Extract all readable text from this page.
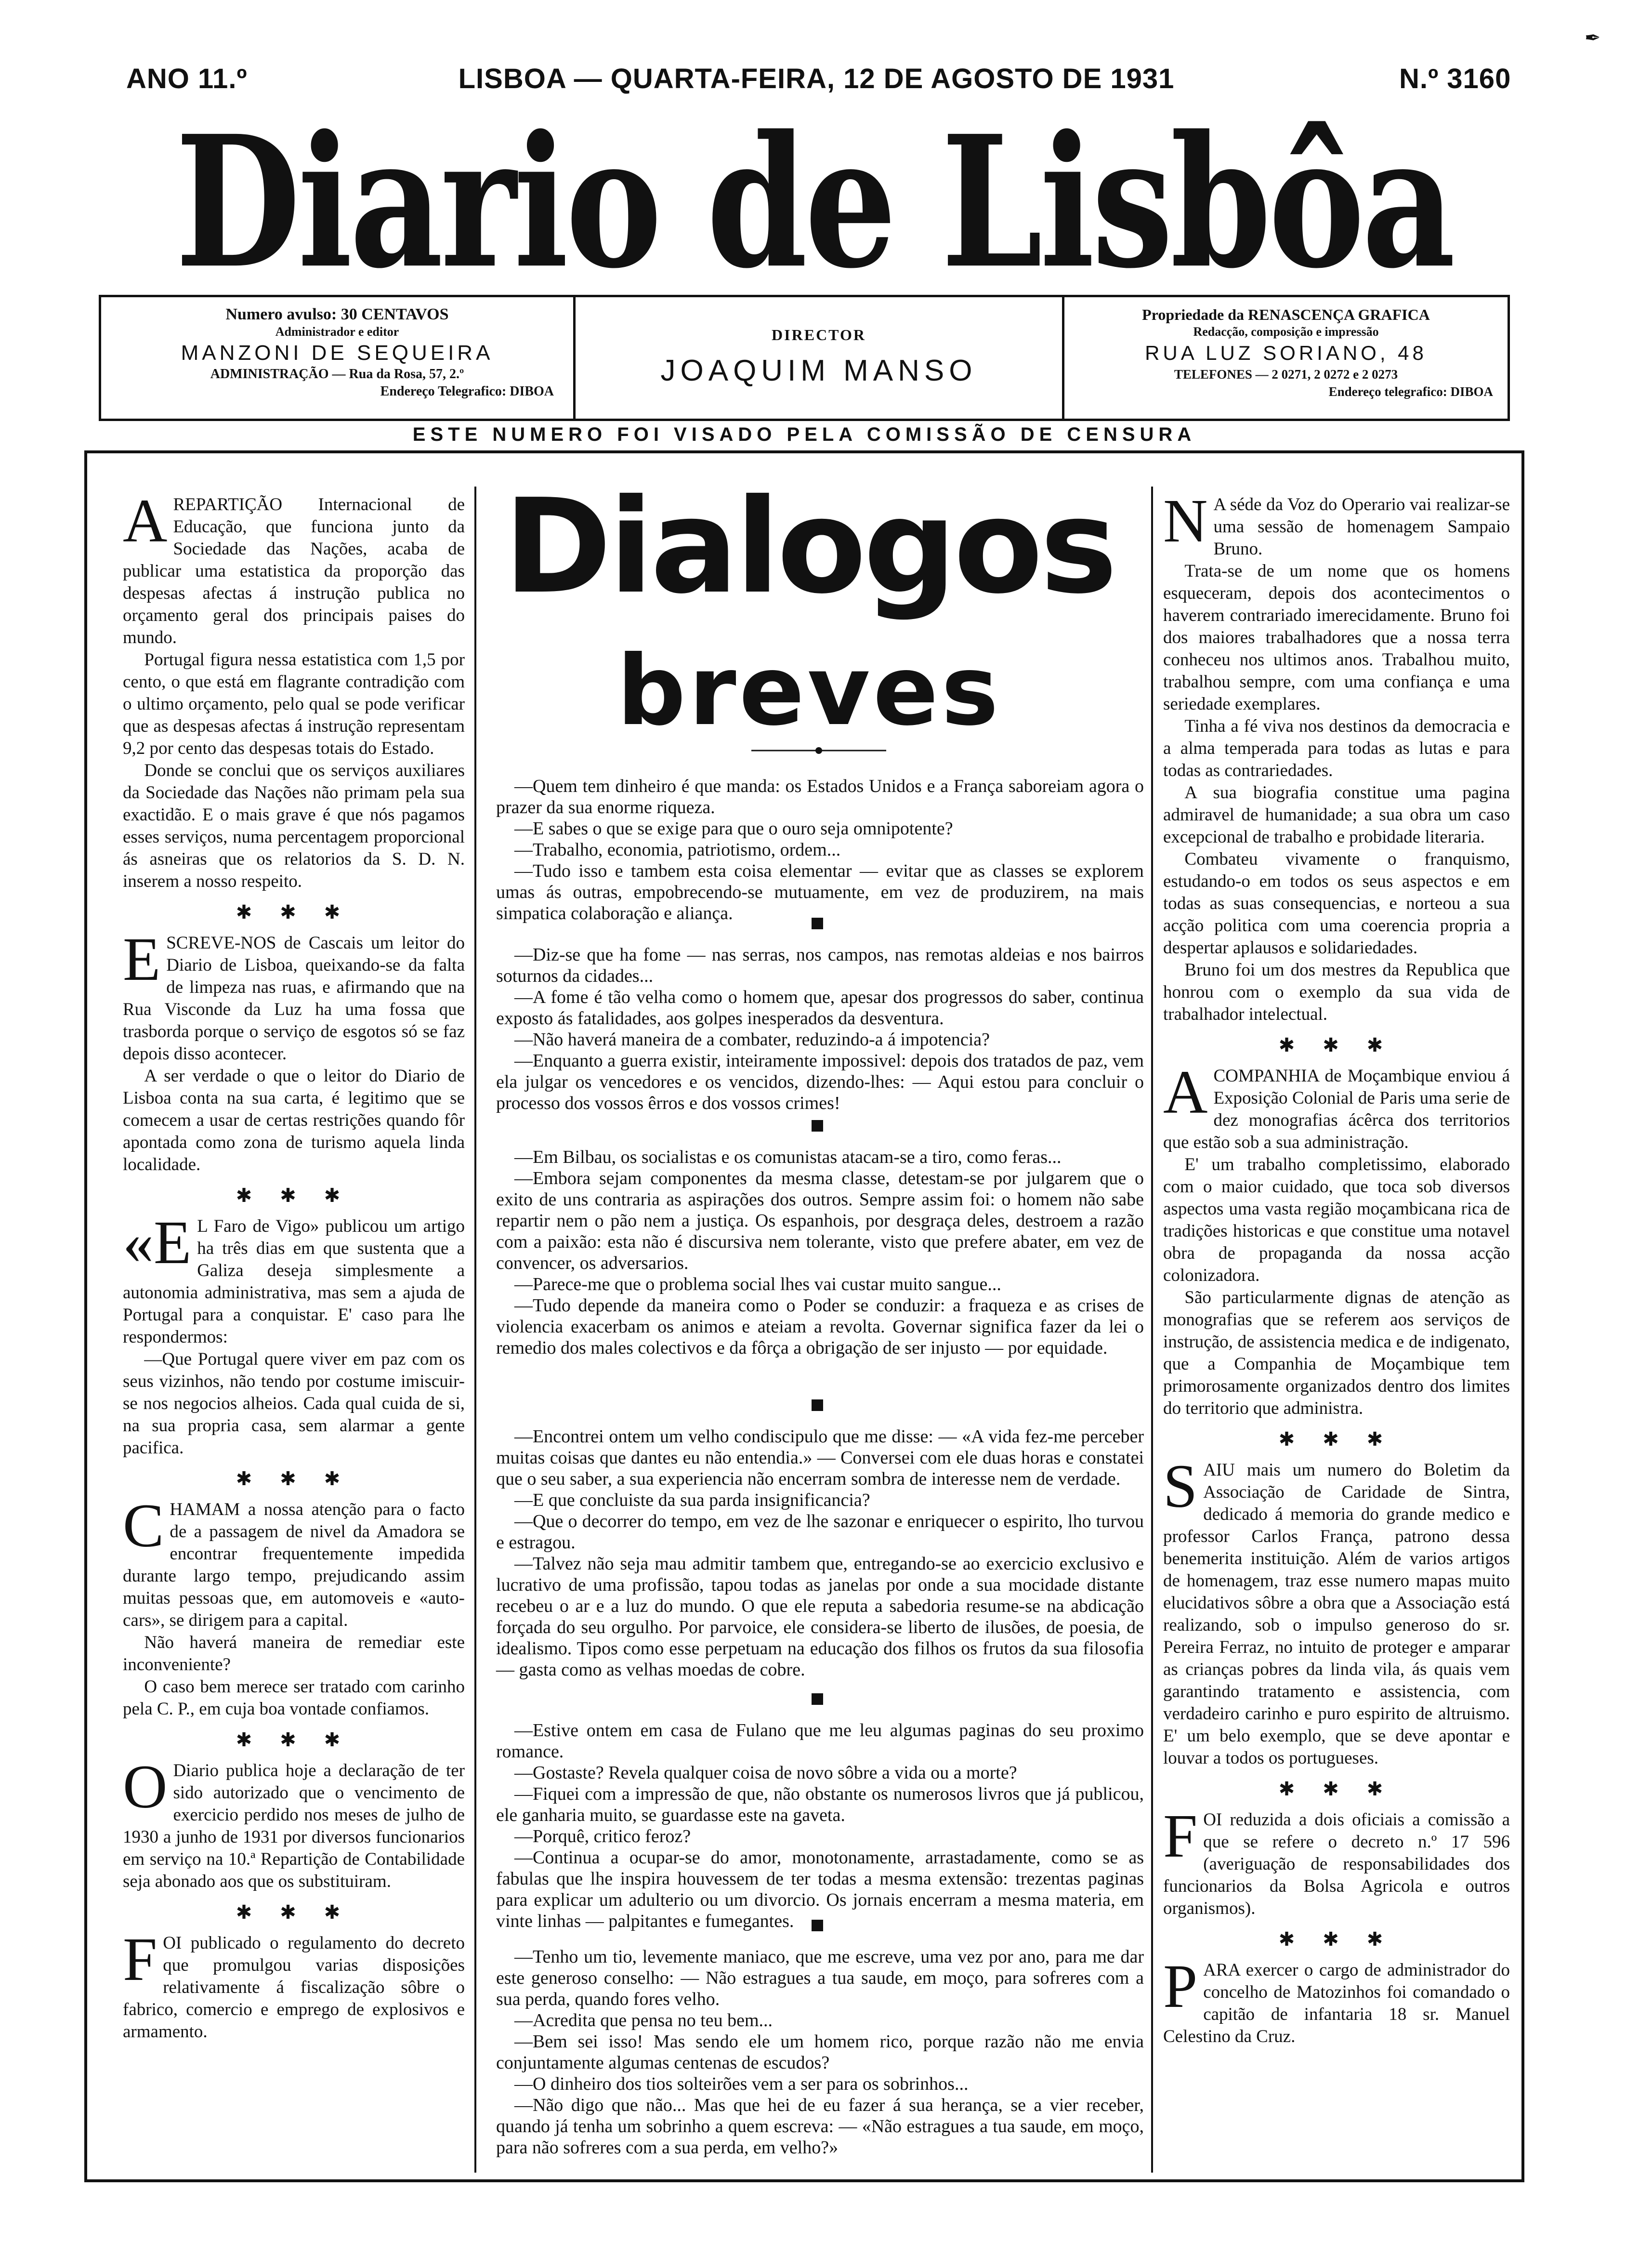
ANO 11.º	LISBOA — QUARTA-FEIRA, 12 DE AGOSTO DE 1931	N.º 3160
✒
Diario de Lisbôa
Numero avulso: 30 CENTAVOS
Administrador e editor
MANZONI DE SEQUEIRA
ADMINISTRAÇÃO — Rua da Rosa, 57, 2.º
Endereço Telegrafico: DIBOA
DIRECTOR
JOAQUIM MANSO
Propriedade da RENASCENÇA GRAFICA
Redacção, composição e impressão
RUA LUZ SORIANO, 48
TELEFONES — 2 0271, 2 0272 e 2 0273
Endereço telegrafico: DIBOA
ESTE NUMERO FOI VISADO PELA COMISSÃO DE CENSURA

A REPARTIÇÃO Internacional de Educação, que funciona junto da Sociedade das Nações, acaba de publicar uma estatistica da proporção das despesas afectas á instrução publica no orçamento geral dos principais paises do mundo.

Portugal figura nessa estatistica com 1,5 por cento, o que está em flagrante contradição com o ultimo orçamento, pelo qual se pode verificar que as despesas afectas á instrução representam 9,2 por cento das despesas totais do Estado.

Donde se conclui que os serviços auxiliares da Sociedade das Nações não primam pela sua exactidão. E o mais grave é que nós pagamos esses serviços, numa percentagem proporcional ás asneiras que os relatorios da S. D. N. inserem a nosso respeito.

✱ ✱ ✱

ESCREVE-NOS de Cascais um leitor do Diario de Lisboa, queixando-se da falta de limpeza nas ruas, e afirmando que na Rua Visconde da Luz ha uma fossa que trasborda porque o serviço de esgotos só se faz depois disso acontecer.

A ser verdade o que o leitor do Diario de Lisboa conta na sua carta, é legitimo que se comecem a usar de certas restrições quando fôr apontada como zona de turismo aquela linda localidade.

✱ ✱ ✱

«E L Faro de Vigo» publicou um artigo ha três dias em que sustenta que a Galiza deseja simplesmente a autonomia administrativa, mas sem a ajuda de Portugal para a conquistar. E' caso para lhe respondermos:

—Que Portugal quere viver em paz com os seus vizinhos, não tendo por costume imiscuir-se nos negocios alheios. Cada qual cuida de si, na sua propria casa, sem alarmar a gente pacifica.

✱ ✱ ✱

CHAMAM a nossa atenção para o facto de a passagem de nivel da Amadora se encontrar frequentemente impedida durante largo tempo, prejudicando assim muitas pessoas que, em automoveis e «auto-cars», se dirigem para a capital.

Não haverá maneira de remediar este inconveniente?

O caso bem merece ser tratado com carinho pela C. P., em cuja boa vontade confiamos.

✱ ✱ ✱

O Diario publica hoje a declaração de ter sido autorizado que o vencimento de exercicio perdido nos meses de julho de 1930 a junho de 1931 por diversos funcionarios em serviço na 10.ª Repartição de Contabilidade seja abonado aos que os substituiram.

✱ ✱ ✱

FOI publicado o regulamento do decreto que promulgou varias disposições relativamente á fiscalização sôbre o fabrico, comercio e emprego de explosivos e armamento.

Dialogos
breves

—Quem tem dinheiro é que manda: os Estados Unidos e a França saboreiam agora o prazer da sua enorme riqueza.

—E sabes o que se exige para que o ouro seja omnipotente?

—Trabalho, economia, patriotismo, ordem...

—Tudo isso e tambem esta coisa elementar — evitar que as classes se explorem umas ás outras, empobrecendo-se mutuamente, em vez de produzirem, na mais simpatica colaboração e aliança.

—Diz-se que ha fome — nas serras, nos campos, nas remotas aldeias e nos bairros soturnos da cidades...

—A fome é tão velha como o homem que, apesar dos progressos do saber, continua exposto ás fatalidades, aos golpes inesperados da desventura.

—Não haverá maneira de a combater, reduzindo-a á impotencia?

—Enquanto a guerra existir, inteiramente impossivel: depois dos tratados de paz, vem ela julgar os vencedores e os vencidos, dizendo-lhes: — Aqui estou para concluir o processo dos vossos êrros e dos vossos crimes!

—Em Bilbau, os socialistas e os comunistas atacam-se a tiro, como feras...

—Embora sejam componentes da mesma classe, detestam-se por julgarem que o exito de uns contraria as aspirações dos outros. Sempre assim foi: o homem não sabe repartir nem o pão nem a justiça. Os espanhois, por desgraça deles, destroem a razão com a paixão: esta não é discursiva nem tolerante, visto que prefere abater, em vez de convencer, os adversarios.

—Parece-me que o problema social lhes vai custar muito sangue...

—Tudo depende da maneira como o Poder se conduzir: a fraqueza e as crises de violencia exacerbam os animos e ateiam a revolta. Governar significa fazer da lei o remedio dos males colectivos e da fôrça a obrigação de ser injusto — por equidade.

—Encontrei ontem um velho condiscipulo que me disse: — «A vida fez-me perceber muitas coisas que dantes eu não entendia.» — Conversei com ele duas horas e constatei que o seu saber, a sua experiencia não encerram sombra de interesse nem de verdade.

—E que concluiste da sua parda insignificancia?

—Que o decorrer do tempo, em vez de lhe sazonar e enriquecer o espirito, lho turvou e estragou.

—Talvez não seja mau admitir tambem que, entregando-se ao exercicio exclusivo e lucrativo de uma profissão, tapou todas as janelas por onde a sua mocidade distante recebeu o ar e a luz do mundo. O que ele reputa a sabedoria resume-se na abdicação forçada do seu orgulho. Por parvoice, ele considera-se liberto de ilusões, de poesia, de idealismo. Tipos como esse perpetuam na educação dos filhos os frutos da sua filosofia — gasta como as velhas moedas de cobre.

—Estive ontem em casa de Fulano que me leu algumas paginas do seu proximo romance.

—Gostaste? Revela qualquer coisa de novo sôbre a vida ou a morte?

—Fiquei com a impressão de que, não obstante os numerosos livros que já publicou, ele ganharia muito, se guardasse este na gaveta.

—Porquê, critico feroz?

—Continua a ocupar-se do amor, monotonamente, arrastadamente, como se as fabulas que lhe inspira houvessem de ter todas a mesma extensão: trezentas paginas para explicar um adulterio ou um divorcio. Os jornais encerram a mesma materia, em vinte linhas — palpitantes e fumegantes.

—Tenho um tio, levemente maniaco, que me escreve, uma vez por ano, para me dar este generoso conselho: — Não estragues a tua saude, em moço, para sofreres com a sua perda, quando fores velho.

—Acredita que pensa no teu bem...

—Bem sei isso! Mas sendo ele um homem rico, porque razão não me envia conjuntamente algumas centenas de escudos?

—O dinheiro dos tios solteirões vem a ser para os sobrinhos...

—Não digo que não... Mas que hei de eu fazer á sua herança, se a vier receber, quando já tenha um sobrinho a quem escreva: — «Não estragues a tua saude, em moço, para não sofreres com a sua perda, em velho?»

N A séde da Voz do Operario vai realizar-se uma sessão de homenagem Sampaio Bruno.

Trata-se de um nome que os homens esqueceram, depois dos acontecimentos o haverem contrariado imerecidamente. Bruno foi dos maiores trabalhadores que a nossa terra conheceu nos ultimos anos. Trabalhou muito, trabalhou sempre, com uma confiança e uma seriedade exemplares.

Tinha a fé viva nos destinos da democracia e a alma temperada para todas as lutas e para todas as contrariedades.

A sua biografia constitue uma pagina admiravel de humanidade; a sua obra um caso excepcional de trabalho e probidade literaria.

Combateu vivamente o franquismo, estudando-o em todos os seus aspectos e em todas as suas consequencias, e norteou a sua acção politica com uma coerencia propria a despertar aplausos e solidariedades.

Bruno foi um dos mestres da Republica que honrou com o exemplo da sua vida de trabalhador intelectual.

✱ ✱ ✱

A COMPANHIA de Moçambique enviou á Exposição Colonial de Paris uma serie de dez monografias ácêrca dos territorios que estão sob a sua administração.

E' um trabalho completissimo, elaborado com o maior cuidado, que toca sob diversos aspectos uma vasta região moçambicana rica de tradições historicas e que constitue uma notavel obra de propaganda da nossa acção colonizadora.

São particularmente dignas de atenção as monografias que se referem aos serviços de instrução, de assistencia medica e de indigenato, que a Companhia de Moçambique tem primorosamente organizados dentro dos limites do territorio que administra.

✱ ✱ ✱

SAIU mais um numero do Boletim da Associação de Caridade de Sintra, dedicado á memoria do grande medico e professor Carlos França, patrono dessa benemerita instituição. Além de varios artigos de homenagem, traz esse numero mapas muito elucidativos sôbre a obra que a Associação está realizando, sob o impulso generoso do sr. Pereira Ferraz, no intuito de proteger e amparar as crianças pobres da linda vila, ás quais vem garantindo tratamento e assistencia, com verdadeiro carinho e puro espirito de altruismo. E' um belo exemplo, que se deve apontar e louvar a todos os portugueses.

✱ ✱ ✱

FOI reduzida a dois oficiais a comissão a que se refere o decreto n.º 17 596 (averiguação de responsabilidades dos funcionarios da Bolsa Agricola e outros organismos).

✱ ✱ ✱

PARA exercer o cargo de administrador do concelho de Matozinhos foi comandado o capitão de infantaria 18 sr. Manuel Celestino da Cruz.
